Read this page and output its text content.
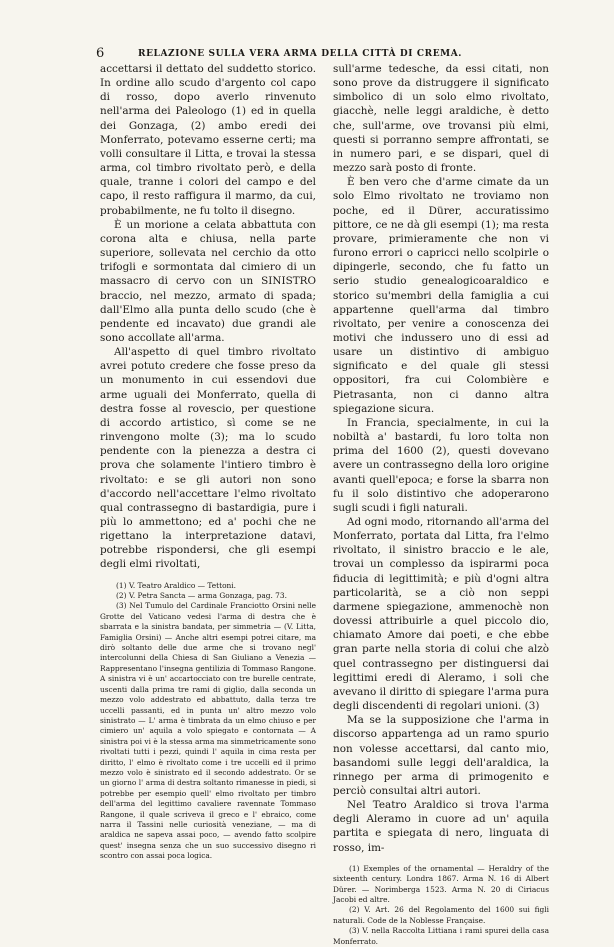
6	RELAZIONE SULLA VERA ARMA DELLA CITTÀ DI CREMA.

accettarsi il dettato del suddetto storico. In ordine allo scudo d'argento col capo di rosso, dopo averlo rinvenuto nell'arma dei Paleologo (1) ed in quella dei Gonzaga, (2) ambo eredi dei Monferrato, potevamo esserne certi; ma volli consultare il Litta, e trovai la stessa arma, col timbro rivoltato però, e della quale, tranne i colori del campo e del capo, il resto raffigura il marmo, da cui, probabilmente, ne fu tolto il disegno.

È un morione a celata abbattuta con corona alta e chiusa, nella parte superiore, sollevata nel cerchio da otto trifogli e sormontata dal cimiero di un massacro di cervo con un SINISTRO braccio, nel mezzo, armato di spada; dall'Elmo alla punta dello scudo (che è pendente ed incavato) due grandi ale sono accollate all'arma.

All'aspetto di quel timbro rivoltato avrei potuto credere che fosse preso da un monumento in cui essendovi due arme uguali dei Monferrato, quella di destra fosse al rovescio, per questione di accordo artistico, sì come se ne rinvengono molte (3); ma lo scudo pendente con la pienezza a destra ci prova che solamente l'intiero timbro è rivoltato: e se gli autori non sono d'accordo nell'accettare l'elmo rivoltato qual contrassegno di bastardigia, pure i più lo ammettono; ed a' pochi che ne rigettano la interpretazione datavi, potrebbe rispondersi, che gli esempi degli elmi rivoltati,

(1) V. Teatro Araldico — Tettoni.

(2) V. Petra Sancta — arma Gonzaga, pag. 73.

(3) Nel Tumulo del Cardinale Franciotto Orsini nelle Grotte del Vaticano vedesi l'arma di destra che è sbarrata e la sinistra bandata, per simmetria — (V. Litta, Famiglia Orsini) — Anche altri esempi potrei citare, ma dirò soltanto delle due arme che si trovano negl' intercolunni della Chiesa di San Giuliano a Venezia — Rappresentano l'insegna gentilizia di Tommaso Rangone. A sinistra vi è un' accartocciato con tre burelle centrate, uscenti dalla prima tre rami di giglio, dalla seconda un mezzo volo addestrato ed abbattuto, dalla terza tre uccelli passanti, ed in punta un' altro mezzo volo sinistrato — L' arma è timbrata da un elmo chiuso e per cimiero un' aquila a volo spiegato e contornata — A sinistra poi vi è la stessa arma ma simmetricamente sono rivoltati tutti i pezzi, quindi l' aquila in cima resta per diritto, l' elmo è rivoltato come i tre uccelli ed il primo mezzo volo è sinistrato ed il secondo addestrato. Or se un giorno l' arma di destra soltanto rimanesse in piedi, si potrebbe per esempio quell' elmo rivoltato per timbro dell'arma del legittimo cavaliere ravennate Tommaso Rangone, il quale scriveva il greco e l' ebraico, come narra il Tassini nelle curiosità veneziane, — ma di araldica ne sapeva assai poco, — avendo fatto scolpire quest' insegna senza che un suo successivo disegno ri scontro con assai poca logica.

sull'arme tedesche, da essi citati, non sono prove da distruggere il significato simbolico di un solo elmo rivoltato, giacchè, nelle leggi araldiche, è detto che, sull'arme, ove trovansi più elmi, questi si porranno sempre affrontati, se in numero pari, e se dispari, quel di mezzo sarà posto di fronte.

È ben vero che d'arme cimate da un solo Elmo rivoltato ne troviamo non poche, ed il Dürer, accuratissimo pittore, ce ne dà gli esempi (1); ma resta provare, primieramente che non vi furono errori o capricci nello scolpirle o dipingerle, secondo, che fu fatto un serio studio genealogicoaraldico e storico su'membri della famiglia a cui appartenne quell'arma dal timbro rivoltato, per venire a conoscenza dei motivi che indussero uno di essi ad usare un distintivo di ambiguo significato e del quale gli stessi oppositori, fra cui Colombière e Pietrasanta, non ci danno altra spiegazione sicura.

In Francia, specialmente, in cui la nobiltà a' bastardi, fu loro tolta non prima del 1600 (2), questi dovevano avere un contrassegno della loro origine avanti quell'epoca; e forse la sbarra non fu il solo distintivo che adoperarono sugli scudi i figli naturali.

Ad ogni modo, ritornando all'arma del Monferrato, portata dal Litta, fra l'elmo rivoltato, il sinistro braccio e le ale, trovai un complesso da ispirarmi poca fiducia di legittimità; e più d'ogni altra particolarità, se a ciò non seppi darmene spiegazione, ammenochè non dovessi attribuirle a quel piccolo dio, chiamato Amore dai poeti, e che ebbe gran parte nella storia di colui che alzò quel contrassegno per distinguersi dai legittimi eredi di Aleramo, i soli che avevano il diritto di spiegare l'arma pura degli discendenti di regolari unioni. (3)

Ma se la supposizione che l'arma in discorso appartenga ad un ramo spurio non volesse accettarsi, dal canto mio, basandomi sulle leggi dell'araldica, la rinnego per arma di primogenito e perciò consultai altri autori.

Nel Teatro Araldico si trova l'arma degli Aleramo in cuore ad un' aquila partita e spiegata di nero, linguata di rosso, im-

(1) Exemples of the ornamental — Heraldry of the sixteenth century. Londra 1867. Arma N. 16 di Albert Dürer. — Norimberga 1523. Arma N. 20 di Ciriacus Jacobi ed altre.

(2) V. Art. 26 del Regolamento del 1600 sui figli naturali. Code de la Noblesse Française.

(3) V. nella Raccolta Littiana i rami spurei della casa Monferrato.
